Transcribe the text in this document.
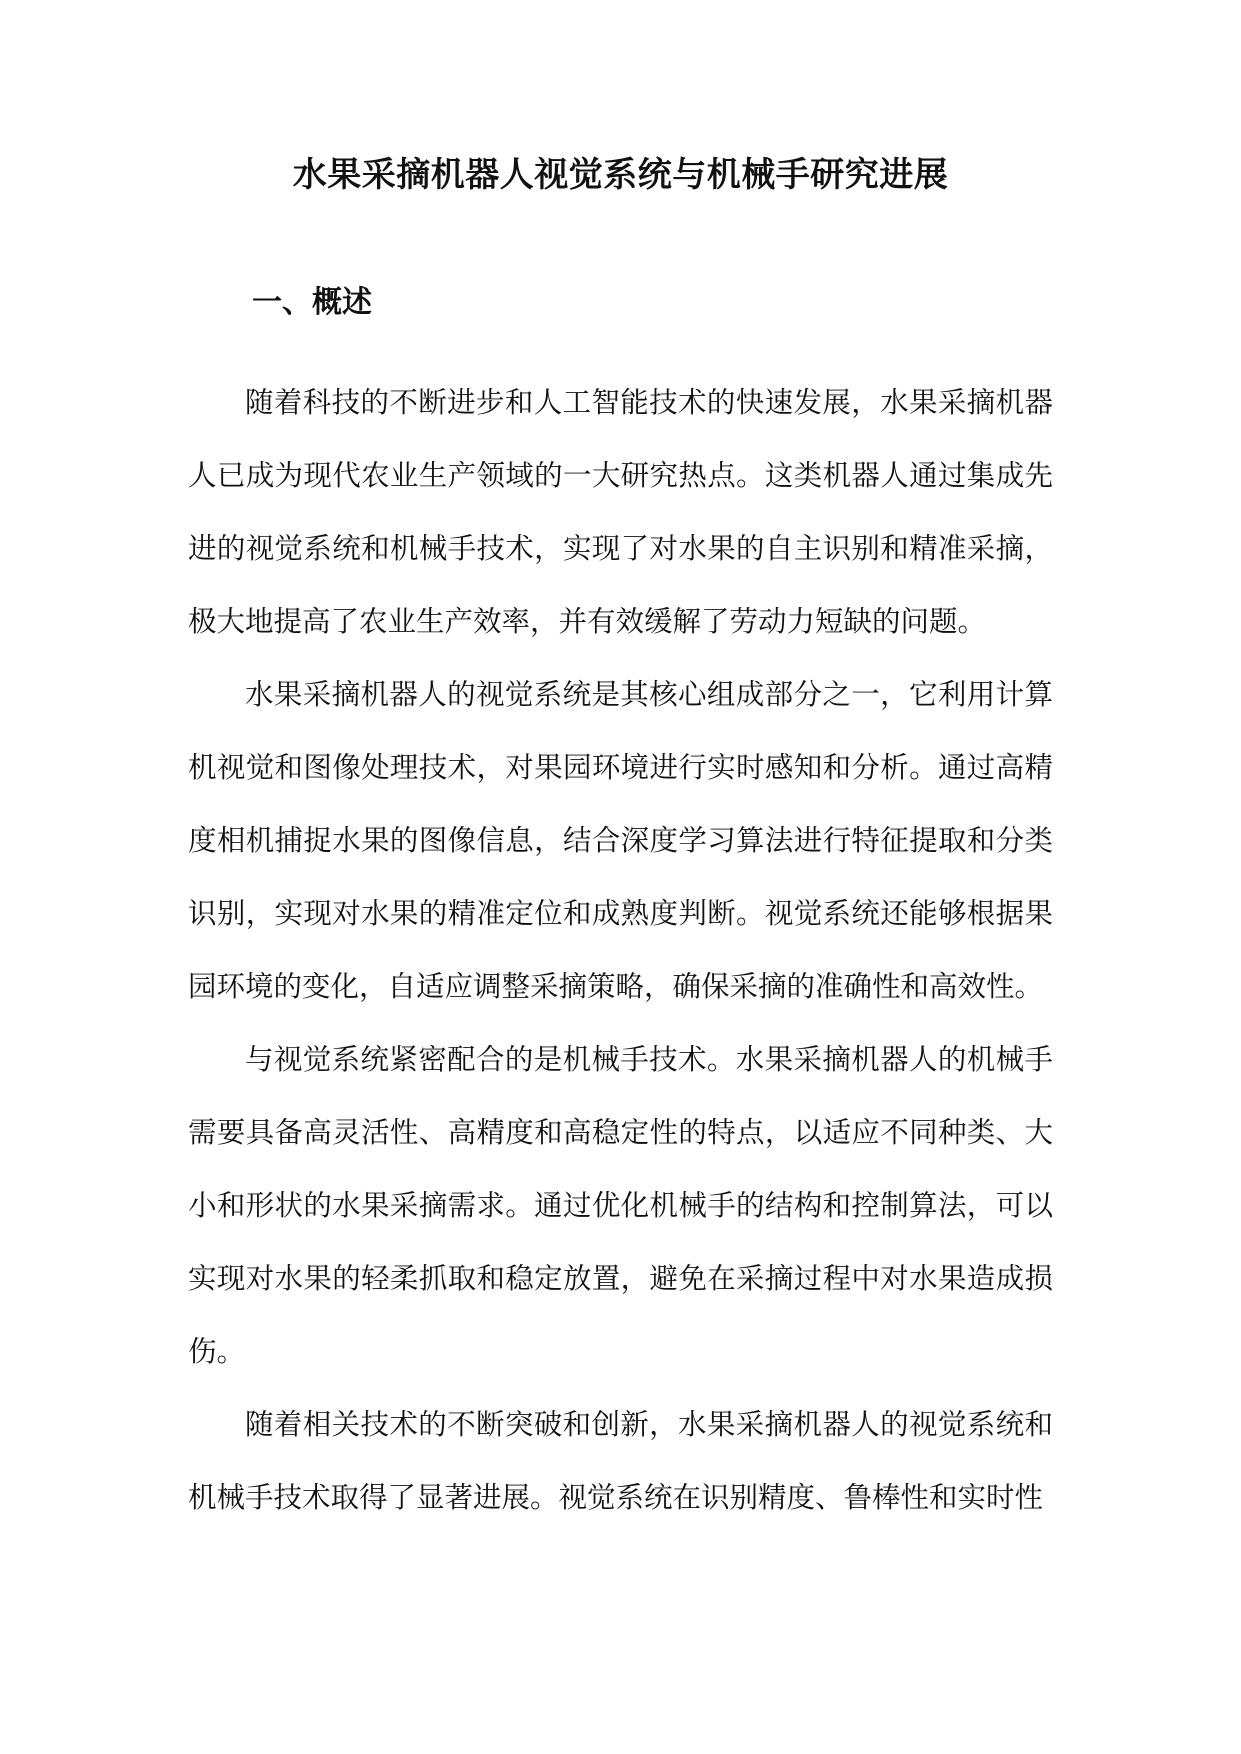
水果采摘机器人视觉系统与机械手研究进展
一、概述

随着科技的不断进步和人工智能技术的快速发展，水果采摘机器人已成为现代农业生产领域的一大研究热点。这类机器人通过集成先进的视觉系统和机械手技术，实现了对水果的自主识别和精准采摘，极大地提高了农业生产效率，并有效缓解了劳动力短缺的问题。

水果采摘机器人的视觉系统是其核心组成部分之一，它利用计算机视觉和图像处理技术，对果园环境进行实时感知和分析。通过高精度相机捕捉水果的图像信息，结合深度学习算法进行特征提取和分类识别，实现对水果的精准定位和成熟度判断。视觉系统还能够根据果园环境的变化，自适应调整采摘策略，确保采摘的准确性和高效性。

与视觉系统紧密配合的是机械手技术。水果采摘机器人的机械手需要具备高灵活性、高精度和高稳定性的特点，以适应不同种类、大小和形状的水果采摘需求。通过优化机械手的结构和控制算法，可以实现对水果的轻柔抓取和稳定放置，避免在采摘过程中对水果造成损伤。

随着相关技术的不断突破和创新，水果采摘机器人的视觉系统和机械手技术取得了显著进展。视觉系统在识别精度、鲁棒性和实时性
